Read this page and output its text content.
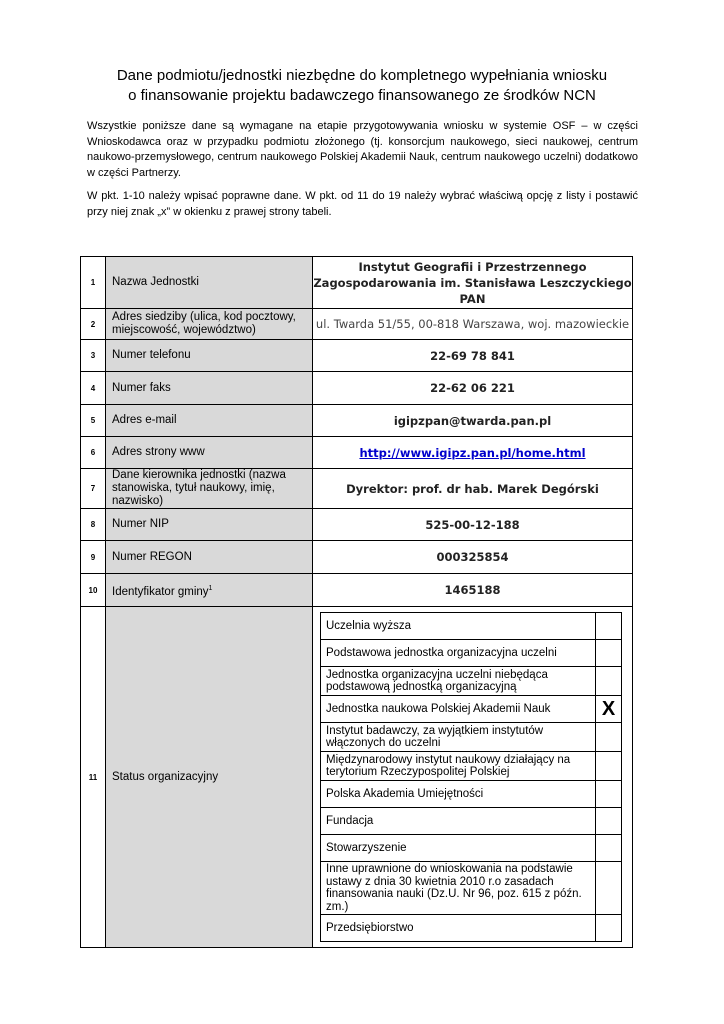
Dane podmiotu/jednostki niezbędne do kompletnego wypełniania wniosku
o finansowanie projektu badawczego finansowanego ze środków NCN
Wszystkie poniższe dane są wymagane na etapie przygotowywania wniosku w systemie OSF – w części Wnioskodawca oraz w przypadku podmiotu złożonego (tj. konsorcjum naukowego, sieci naukowej, centrum naukowo-przemysłowego, centrum naukowego Polskiej Akademii Nauk, centrum naukowego uczelni) dodatkowo w części Partnerzy.
W pkt. 1-10 należy wpisać poprawne dane. W pkt. od 11 do 19 należy wybrać właściwą opcję z listy i postawić przy niej znak „x” w okienku z prawej strony tabeli.
1	Nazwa Jednostki	Instytut Geografii i Przestrzennego Zagospodarowania im. Stanisława Leszczyckiego PAN
2	Adres siedziby (ulica, kod pocztowy, miejscowość, województwo)	ul. Twarda 51/55, 00-818 Warszawa, woj. mazowieckie
3	Numer telefonu	22-69 78 841
4	Numer faks	22-62 06 221
5	Adres e-mail	igipzpan@twarda.pan.pl
6	Adres strony www	http://www.igipz.pan.pl/home.html
7	Dane kierownika jednostki (nazwa stanowiska, tytuł naukowy, imię, nazwisko)	Dyrektor: prof. dr hab. Marek Degórski
8	Numer NIP	525-00-12-188
9	Numer REGON	000325854
10	Identyfikator gminy$^1$	1465188
11	Status organizacyjny	
Uczelnia wyższa	
Podstawowa jednostka organizacyjna uczelni	
Jednostka organizacyjna uczelni niebędąca podstawową jednostką organizacyjną	
Jednostka naukowa Polskiej Akademii Nauk	X
Instytut badawczy, za wyjątkiem instytutów włączonych do uczelni	
Międzynarodowy instytut naukowy działający na terytorium Rzeczypospolitej Polskiej	
Polska Akademia Umiejętności	
Fundacja	
Stowarzyszenie	
Inne uprawnione do wnioskowania na podstawie ustawy z dnia 30 kwietnia 2010 r.o zasadach finansowania nauki (Dz.U. Nr 96, poz. 615 z późn. zm.)	
Przedsiębiorstwo	
